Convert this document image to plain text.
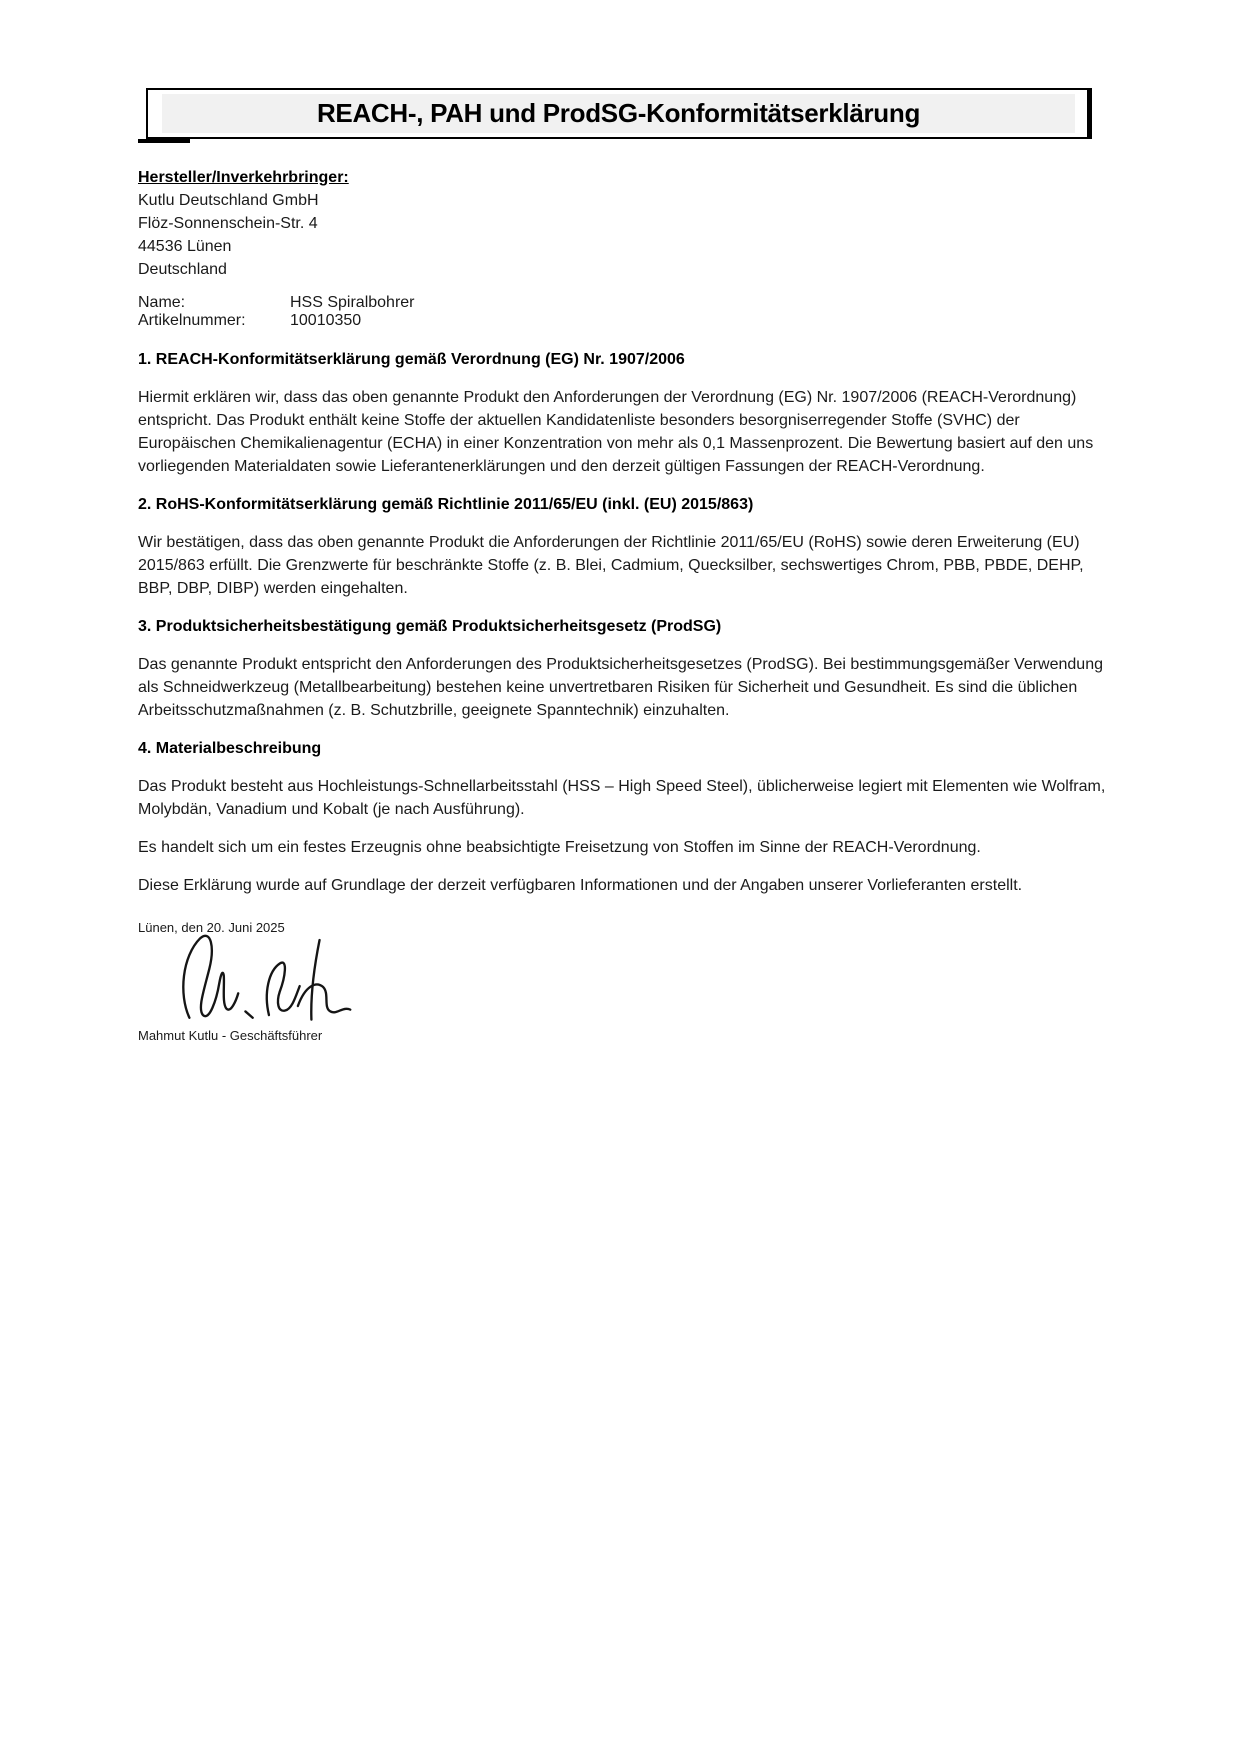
REACH-, PAH und ProdSG-Konformitätserklärung

Hersteller/Inverkehrbringer:

Kutlu Deutschland GmbH

Flöz-Sonnenschein-Str. 4

44536 Lünen

Deutschland

Name:	HSS Spiralbohrer
Artikelnummer:	10010350
1. REACH-Konformitätserklärung gemäß Verordnung (EG) Nr. 1907/2006

Hiermit erklären wir, dass das oben genannte Produkt den Anforderungen der Verordnung (EG) Nr. 1907/2006 (REACH-Verordnung) entspricht. Das Produkt enthält keine Stoffe der aktuellen Kandidatenliste besonders besorgniserregender Stoffe (SVHC) der Europäischen Chemikalienagentur (ECHA) in einer Konzentration von mehr als 0,1 Massenprozent. Die Bewertung basiert auf den uns vorliegenden Materialdaten sowie Lieferantenerklärungen und den derzeit gültigen Fassungen der REACH-Verordnung.

2. RoHS-Konformitätserklärung gemäß Richtlinie 2011/65/EU (inkl. (EU) 2015/863)

Wir bestätigen, dass das oben genannte Produkt die Anforderungen der Richtlinie 2011/65/EU (RoHS) sowie deren Erweiterung (EU) 2015/863 erfüllt. Die Grenzwerte für beschränkte Stoffe (z. B. Blei, Cadmium, Quecksilber, sechswertiges Chrom, PBB, PBDE, DEHP, BBP, DBP, DIBP) werden eingehalten.

3. Produktsicherheitsbestätigung gemäß Produktsicherheitsgesetz (ProdSG)

Das genannte Produkt entspricht den Anforderungen des Produktsicherheitsgesetzes (ProdSG). Bei bestimmungsgemäßer Verwendung als Schneidwerkzeug (Metallbearbeitung) bestehen keine unvertretbaren Risiken für Sicherheit und Gesundheit. Es sind die üblichen Arbeitsschutzmaßnahmen (z. B. Schutzbrille, geeignete Spanntechnik) einzuhalten.

4. Materialbeschreibung

Das Produkt besteht aus Hochleistungs-Schnellarbeitsstahl (HSS – High Speed Steel), üblicherweise legiert mit Elementen wie Wolfram, Molybdän, Vanadium und Kobalt (je nach Ausführung).

Es handelt sich um ein festes Erzeugnis ohne beabsichtigte Freisetzung von Stoffen im Sinne der REACH-Verordnung.

Diese Erklärung wurde auf Grundlage der derzeit verfügbaren Informationen und der Angaben unserer Vorlieferanten erstellt.

Lünen, den 20. Juni 2025

Mahmut Kutlu - Geschäftsführer
